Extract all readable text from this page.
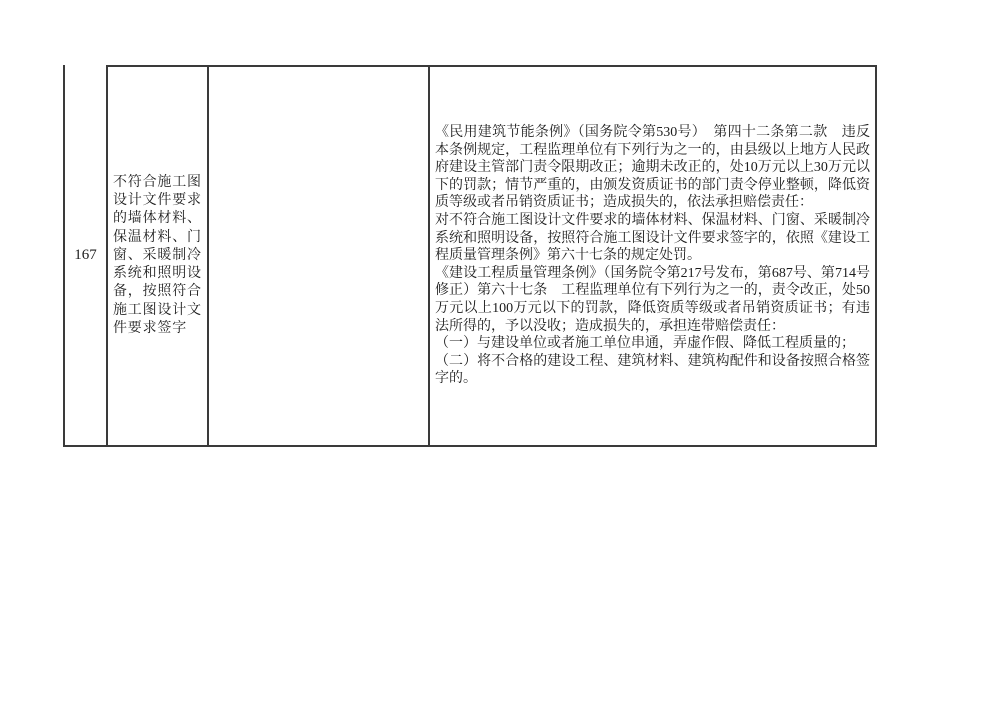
167
不符合施工图设计文件要求的墙体材料、保温材料、门窗、采暖制冷系统和照明设备，按照符合施工图设计文件要求签字

《民用建筑节能条例》（国务院令第530号）　第四十二条第二款　违反本条例规定，工程监理单位有下列行为之一的，由县级以上地方人民政府建设主管部门责令限期改正；逾期未改正的，处10万元以上30万元以下的罚款；情节严重的，由颁发资质证书的部门责令停业整顿，降低资质等级或者吊销资质证书；造成损失的，依法承担赔偿责任：

对不符合施工图设计文件要求的墙体材料、保温材料、门窗、采暖制冷系统和照明设备，按照符合施工图设计文件要求签字的，依照《建设工程质量管理条例》第六十七条的规定处罚。

《建设工程质量管理条例》（国务院令第217号发布，第687号、第714号修正）第六十七条　工程监理单位有下列行为之一的，责令改正，处50万元以上100万元以下的罚款，降低资质等级或者吊销资质证书；有违法所得的，予以没收；造成损失的，承担连带赔偿责任：

（一）与建设单位或者施工单位串通，弄虚作假、降低工程质量的；

（二）将不合格的建设工程、建筑材料、建筑构配件和设备按照合格签字的。
